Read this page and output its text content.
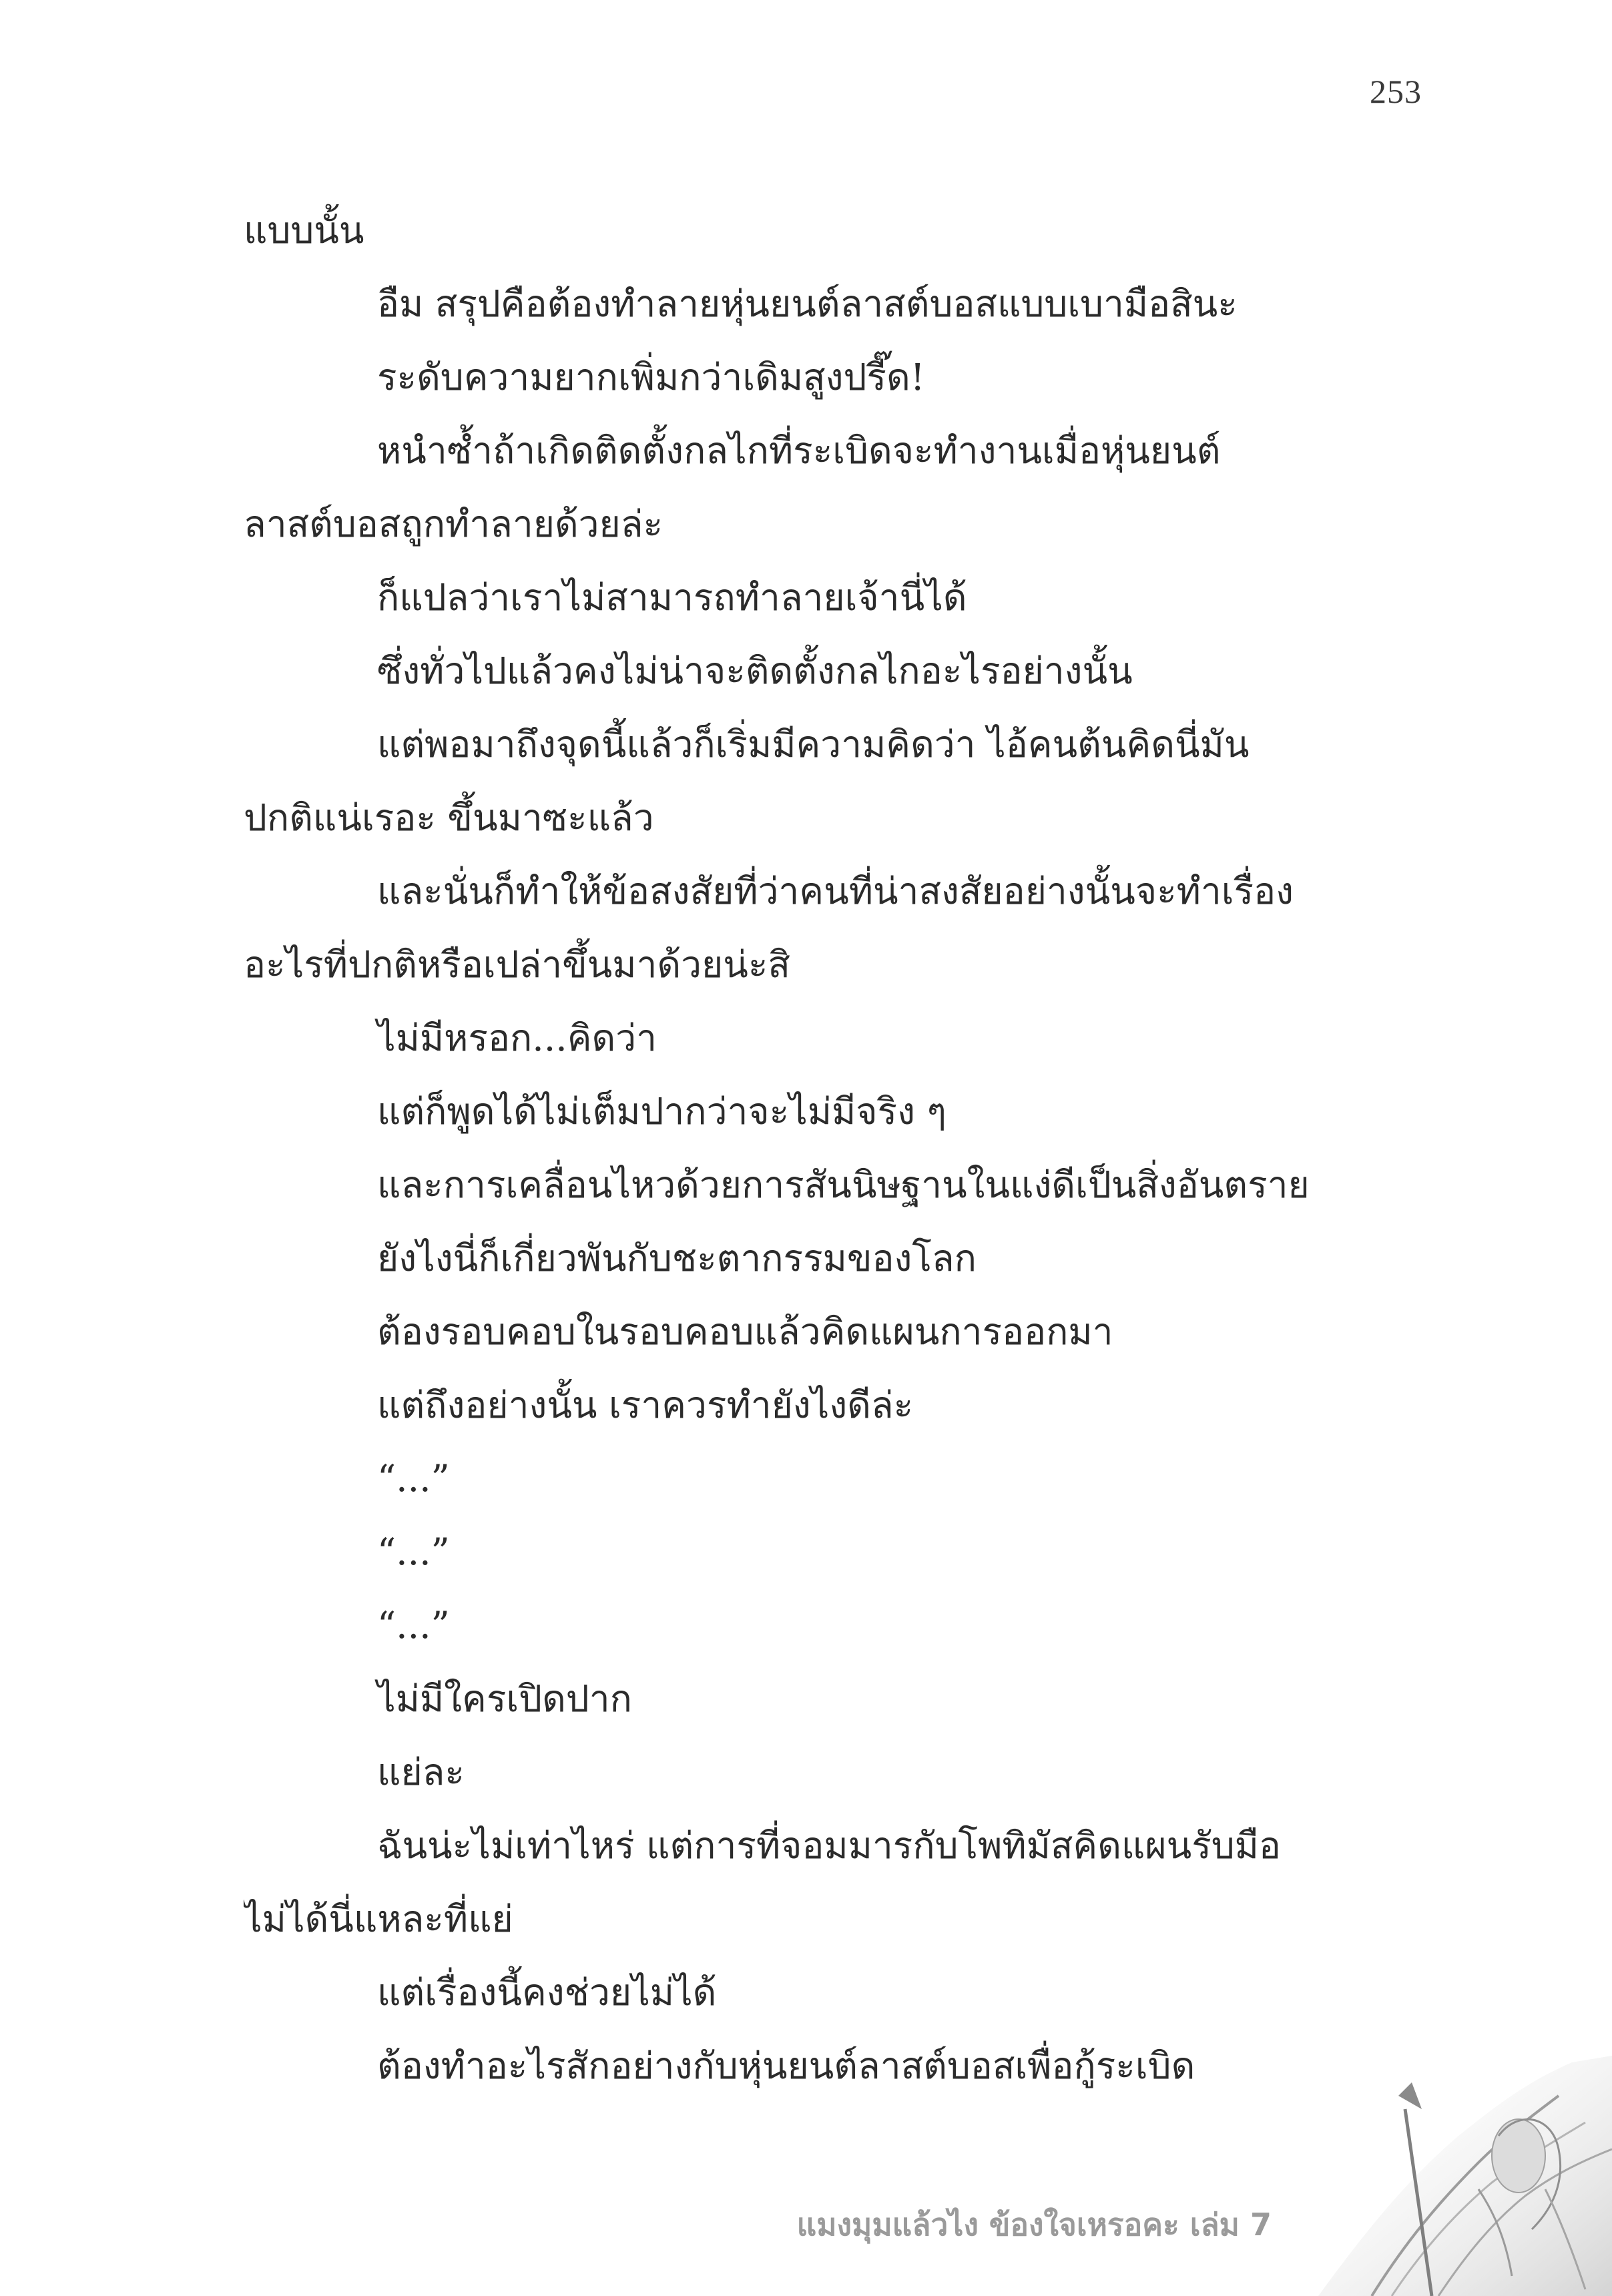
253
แบบนั้น
อืม สรุปคือต้องทำลายหุ่นยนต์ลาสต์บอสแบบเบามือสินะ
ระดับความยากเพิ่มกว่าเดิมสูงปรี๊ด!
หนำซ้ำถ้าเกิดติดตั้งกลไกที่ระเบิดจะทำงานเมื่อหุ่นยนต์
ลาสต์บอสถูกทำลายด้วยล่ะ
ก็แปลว่าเราไม่สามารถทำลายเจ้านี่ได้
ซึ่งทั่วไปแล้วคงไม่น่าจะติดตั้งกลไกอะไรอย่างนั้น
แต่พอมาถึงจุดนี้แล้วก็เริ่มมีความคิดว่า ไอ้คนต้นคิดนี่มัน
ปกติแน่เรอะ ขึ้นมาซะแล้ว
และนั่นก็ทำให้ข้อสงสัยที่ว่าคนที่น่าสงสัยอย่างนั้นจะทำเรื่อง
อะไรที่ปกติหรือเปล่าขึ้นมาด้วยน่ะสิ
ไม่มีหรอก...คิดว่า
แต่ก็พูดได้ไม่เต็มปากว่าจะไม่มีจริง ๆ
และการเคลื่อนไหวด้วยการสันนิษฐานในแง่ดีเป็นสิ่งอันตราย
ยังไงนี่ก็เกี่ยวพันกับชะตากรรมของโลก
ต้องรอบคอบในรอบคอบแล้วคิดแผนการออกมา
แต่ถึงอย่างนั้น เราควรทำยังไงดีล่ะ
“...”
“...”
“...”
ไม่มีใครเปิดปาก
แย่ละ
ฉันน่ะไม่เท่าไหร่ แต่การที่จอมมารกับโพทิมัสคิดแผนรับมือ
ไม่ได้นี่แหละที่แย่
แต่เรื่องนี้คงช่วยไม่ได้
ต้องทำอะไรสักอย่างกับหุ่นยนต์ลาสต์บอสเพื่อกู้ระเบิด
แมงมุมแล้วไง ข้องใจเหรอคะ เล่ม 7
